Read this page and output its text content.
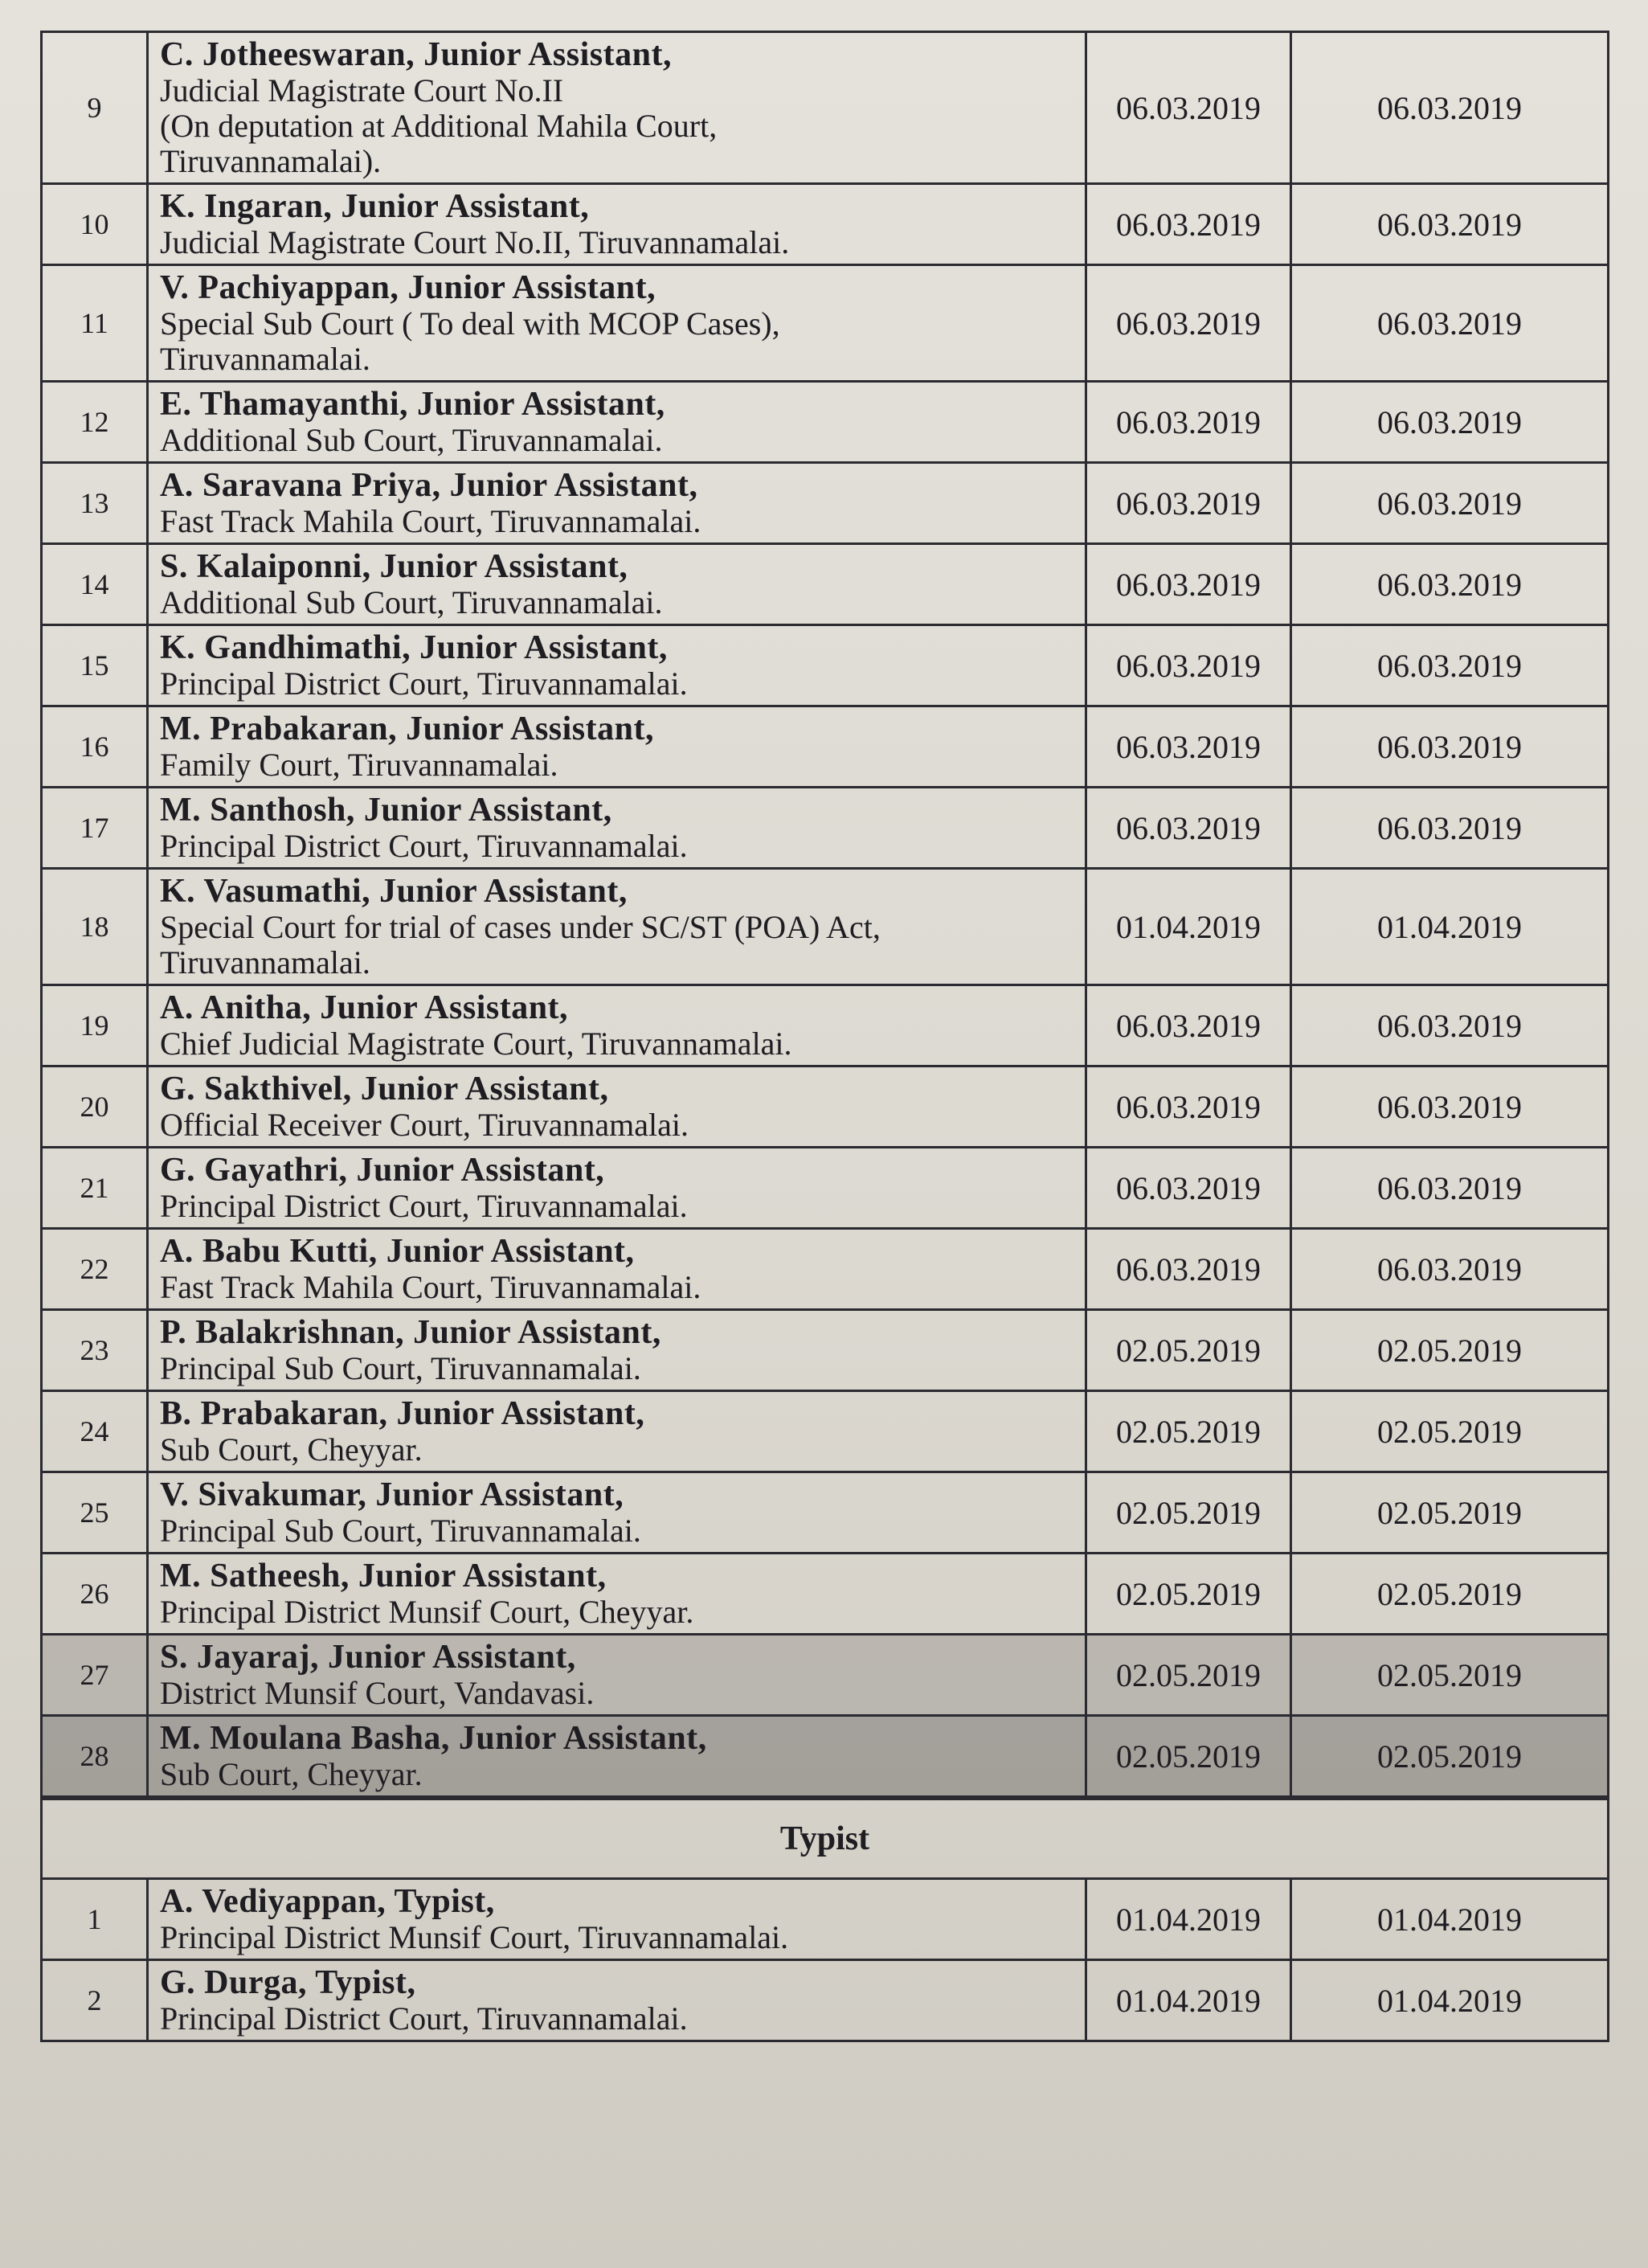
9	C. Jotheeswaran, Junior Assistant,
Judicial Magistrate Court No.II
(On deputation at Additional Mahila Court,
Tiruvannamalai).	06.03.2019	06.03.2019
10	K. Ingaran, Junior Assistant,
Judicial Magistrate Court No.II, Tiruvannamalai.	06.03.2019	06.03.2019
11	V. Pachiyappan, Junior Assistant,
Special Sub Court ( To deal with MCOP Cases),
Tiruvannamalai.	06.03.2019	06.03.2019
12	E. Thamayanthi, Junior Assistant,
Additional Sub Court, Tiruvannamalai.	06.03.2019	06.03.2019
13	A. Saravana Priya, Junior Assistant,
Fast Track Mahila Court, Tiruvannamalai.	06.03.2019	06.03.2019
14	S. Kalaiponni, Junior Assistant,
Additional Sub Court, Tiruvannamalai.	06.03.2019	06.03.2019
15	K. Gandhimathi, Junior Assistant,
Principal District Court, Tiruvannamalai.	06.03.2019	06.03.2019
16	M. Prabakaran, Junior Assistant,
Family Court, Tiruvannamalai.	06.03.2019	06.03.2019
17	M. Santhosh, Junior Assistant,
Principal District Court, Tiruvannamalai.	06.03.2019	06.03.2019
18	K. Vasumathi, Junior Assistant,
Special Court for trial of cases under SC/ST (POA) Act,
Tiruvannamalai.	01.04.2019	01.04.2019
19	A. Anitha, Junior Assistant,
Chief Judicial Magistrate Court, Tiruvannamalai.	06.03.2019	06.03.2019
20	G. Sakthivel, Junior Assistant,
Official Receiver Court, Tiruvannamalai.	06.03.2019	06.03.2019
21	G. Gayathri, Junior Assistant,
Principal District Court, Tiruvannamalai.	06.03.2019	06.03.2019
22	A. Babu Kutti, Junior Assistant,
Fast Track Mahila Court, Tiruvannamalai.	06.03.2019	06.03.2019
23	P. Balakrishnan, Junior Assistant,
Principal Sub Court, Tiruvannamalai.	02.05.2019	02.05.2019
24	B. Prabakaran, Junior Assistant,
Sub Court, Cheyyar.	02.05.2019	02.05.2019
25	V. Sivakumar, Junior Assistant,
Principal Sub Court, Tiruvannamalai.	02.05.2019	02.05.2019
26	M. Satheesh, Junior Assistant,
Principal District Munsif Court, Cheyyar.	02.05.2019	02.05.2019
27	S. Jayaraj, Junior Assistant,
District Munsif Court, Vandavasi.	02.05.2019	02.05.2019
28	M. Moulana Basha, Junior Assistant,
Sub Court, Cheyyar.	02.05.2019	02.05.2019
Typist			
1	A. Vediyappan, Typist,
Principal District Munsif Court, Tiruvannamalai.	01.04.2019	01.04.2019
2	G. Durga, Typist,
Principal District Court, Tiruvannamalai.	01.04.2019	01.04.2019
